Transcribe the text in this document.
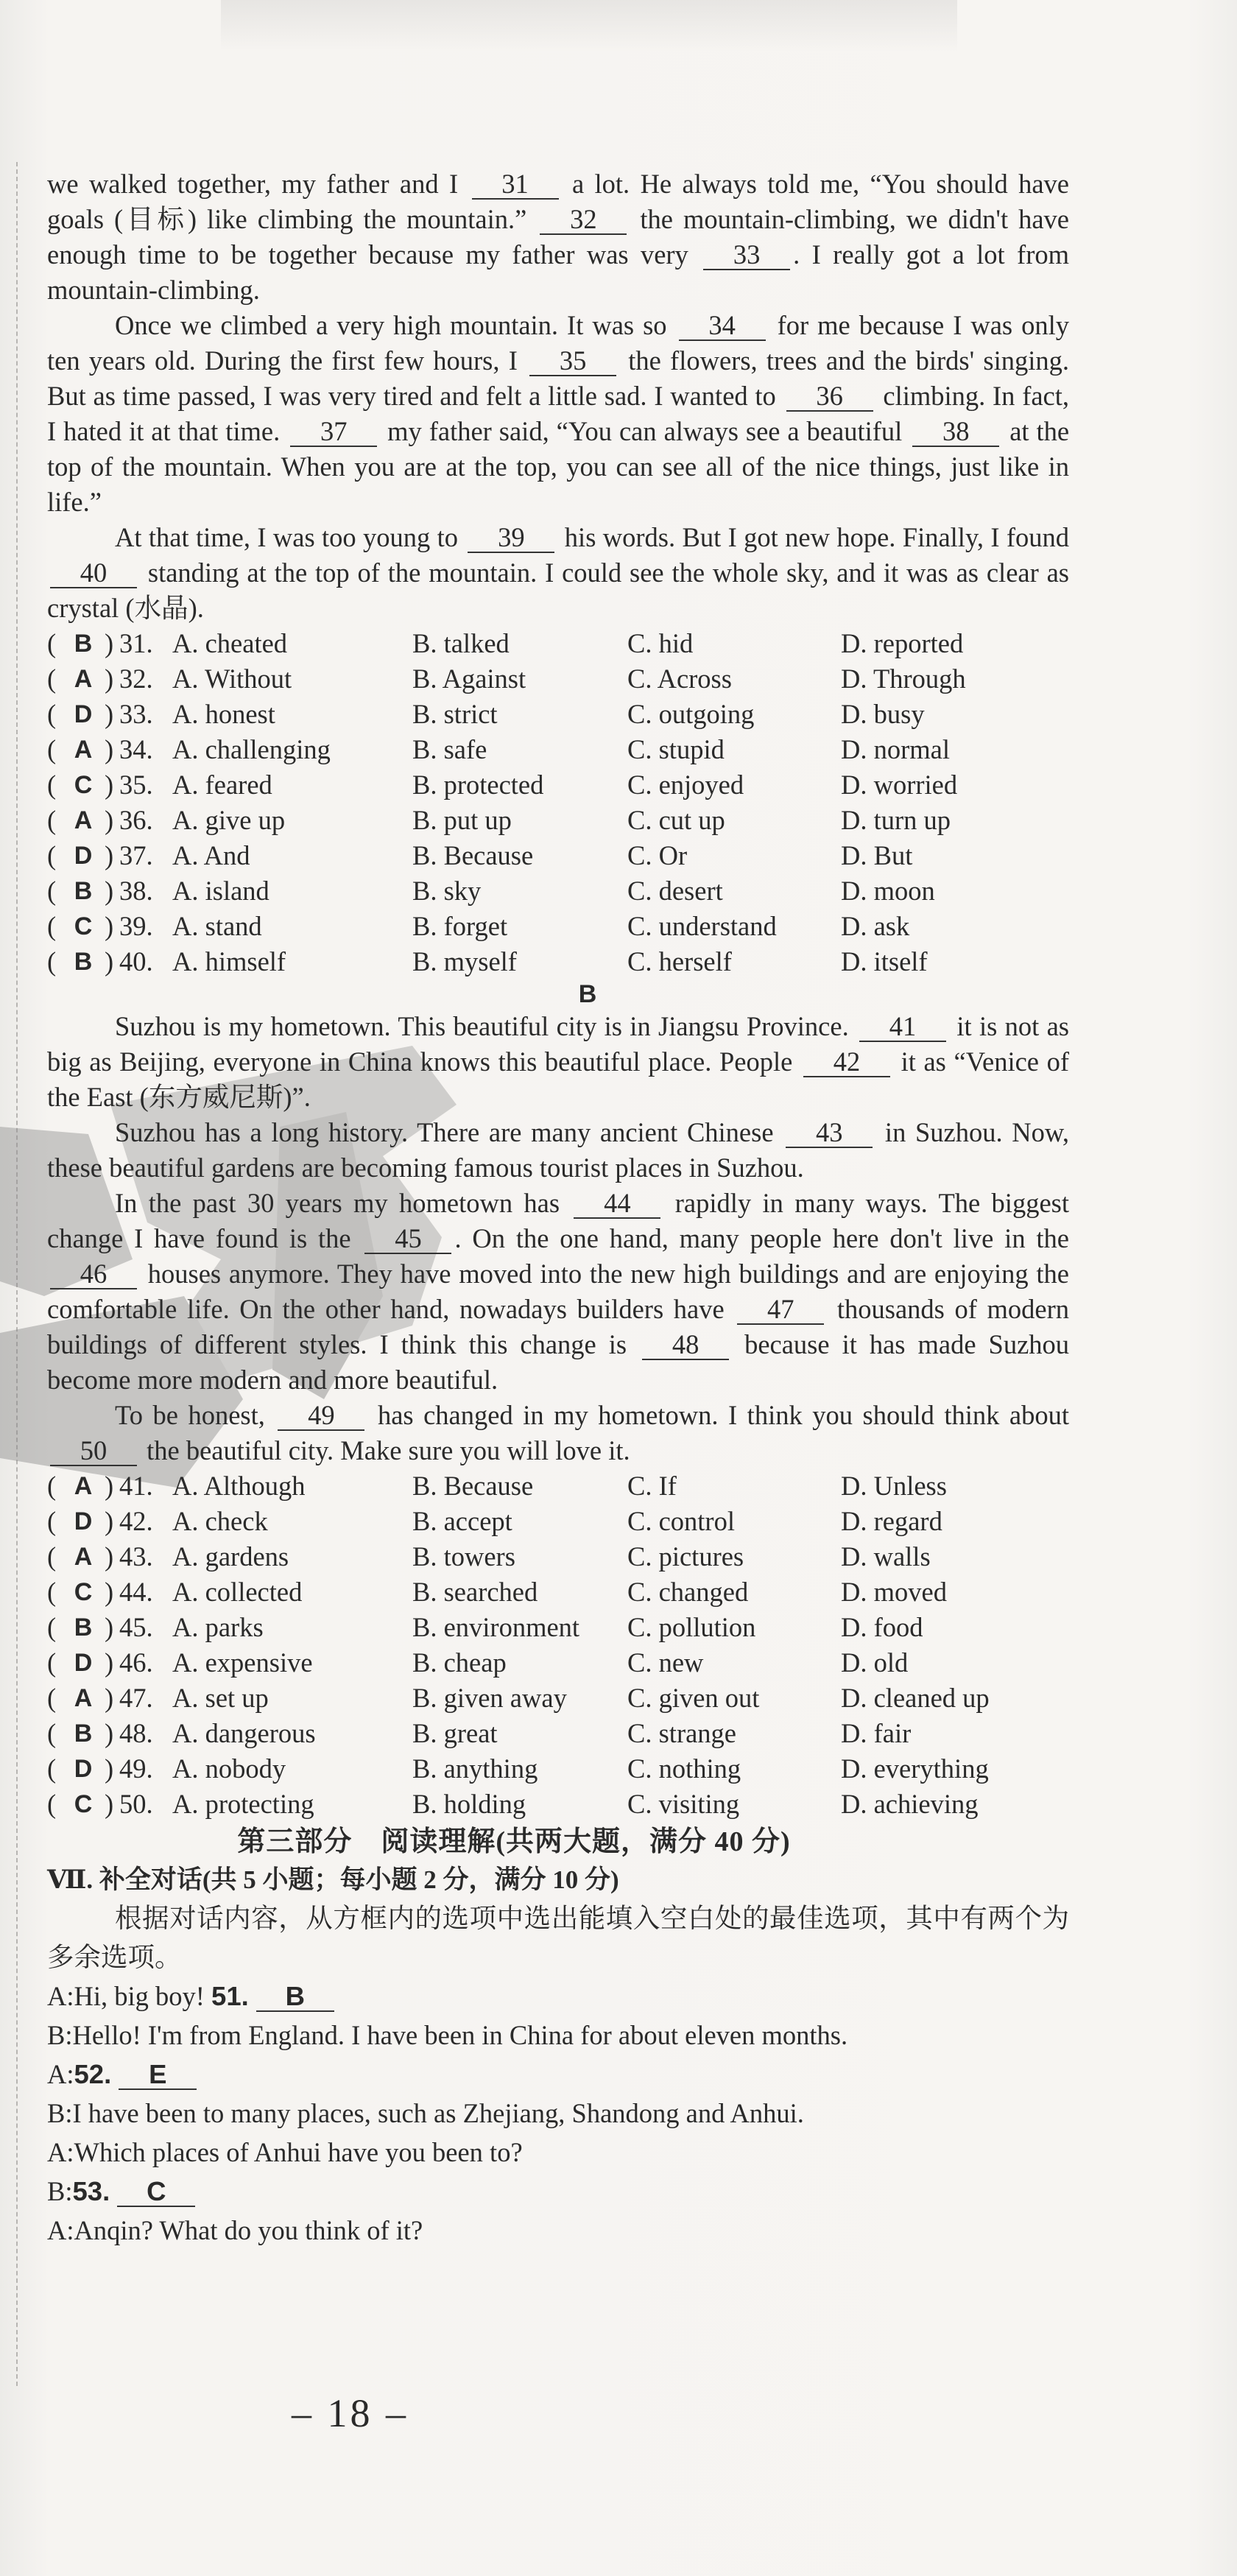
we walked together, my father and I 31 a lot. He always told me, “You should have goals (目标) like climbing the mountain.” 32 the mountain-climbing, we didn't have enough time to be together because my father was very 33 . I really got a lot from mountain-climbing.

Once we climbed a very high mountain. It was so 34 for me because I was only ten years old. During the first few hours, I 35 the flowers, trees and the birds' singing. But as time passed, I was very tired and felt a little sad. I wanted to 36 climbing. In fact, I hated it at that time. 37 my father said, “You can always see a beautiful 38 at the top of the mountain. When you are at the top, you can see all of the nice things, just like in life.”

At that time, I was too young to 39 his words. But I got new hope. Finally, I found 40 standing at the top of the mountain. I could see the whole sky, and it was as clear as crystal (水晶).

( B ) 31. A. cheated	B. talked	C. hid	D. reported
( A ) 32. A. Without	B. Against	C. Across	D. Through
( D ) 33. A. honest	B. strict	C. outgoing	D. busy
( A ) 34. A. challenging	B. safe	C. stupid	D. normal
( C ) 35. A. feared	B. protected	C. enjoyed	D. worried
( A ) 36. A. give up	B. put up	C. cut up	D. turn up
( D ) 37. A. And	B. Because	C. Or	D. But
( B ) 38. A. island	B. sky	C. desert	D. moon
( C ) 39. A. stand	B. forget	C. understand	D. ask
( B ) 40. A. himself	B. myself	C. herself	D. itself
B

Suzhou is my hometown. This beautiful city is in Jiangsu Province. 41 it is not as big as Beijing, everyone in China knows this beautiful place. People 42 it as “Venice of the East (东方威尼斯)”.

Suzhou has a long history. There are many ancient Chinese 43 in Suzhou. Now, these beautiful gardens are becoming famous tourist places in Suzhou.

In the past 30 years my hometown has 44 rapidly in many ways. The biggest change I have found is the 45 . On the one hand, many people here don't live in the 46 houses anymore. They have moved into the new high buildings and are enjoying the comfortable life. On the other hand, nowadays builders have 47 thousands of modern buildings of different styles. I think this change is 48 because it has made Suzhou become more modern and more beautiful.

To be honest, 49 has changed in my hometown. I think you should think about 50 the beautiful city. Make sure you will love it.

( A ) 41. A. Although	B. Because	C. If	D. Unless
( D ) 42. A. check	B. accept	C. control	D. regard
( A ) 43. A. gardens	B. towers	C. pictures	D. walls
( C ) 44. A. collected	B. searched	C. changed	D. moved
( B ) 45. A. parks	B. environment	C. pollution	D. food
( D ) 46. A. expensive	B. cheap	C. new	D. old
( A ) 47. A. set up	B. given away	C. given out	D. cleaned up
( B ) 48. A. dangerous	B. great	C. strange	D. fair
( D ) 49. A. nobody	B. anything	C. nothing	D. everything
( C ) 50. A. protecting	B. holding	C. visiting	D. achieving
第三部分　阅读理解(共两大题，满分 40 分)
Ⅶ. 补全对话(共 5 小题；每小题 2 分，满分 10 分)

根据对话内容，从方框内的选项中选出能填入空白处的最佳选项，其中有两个为多余选项。

A:Hi, big boy! 51. B
B:Hello! I'm from England. I have been in China for about eleven months.
A:52. E
B:I have been to many places, such as Zhejiang, Shandong and Anhui.
A:Which places of Anhui have you been to?
B:53. C
A:Anqin? What do you think of it?
– 18 –
